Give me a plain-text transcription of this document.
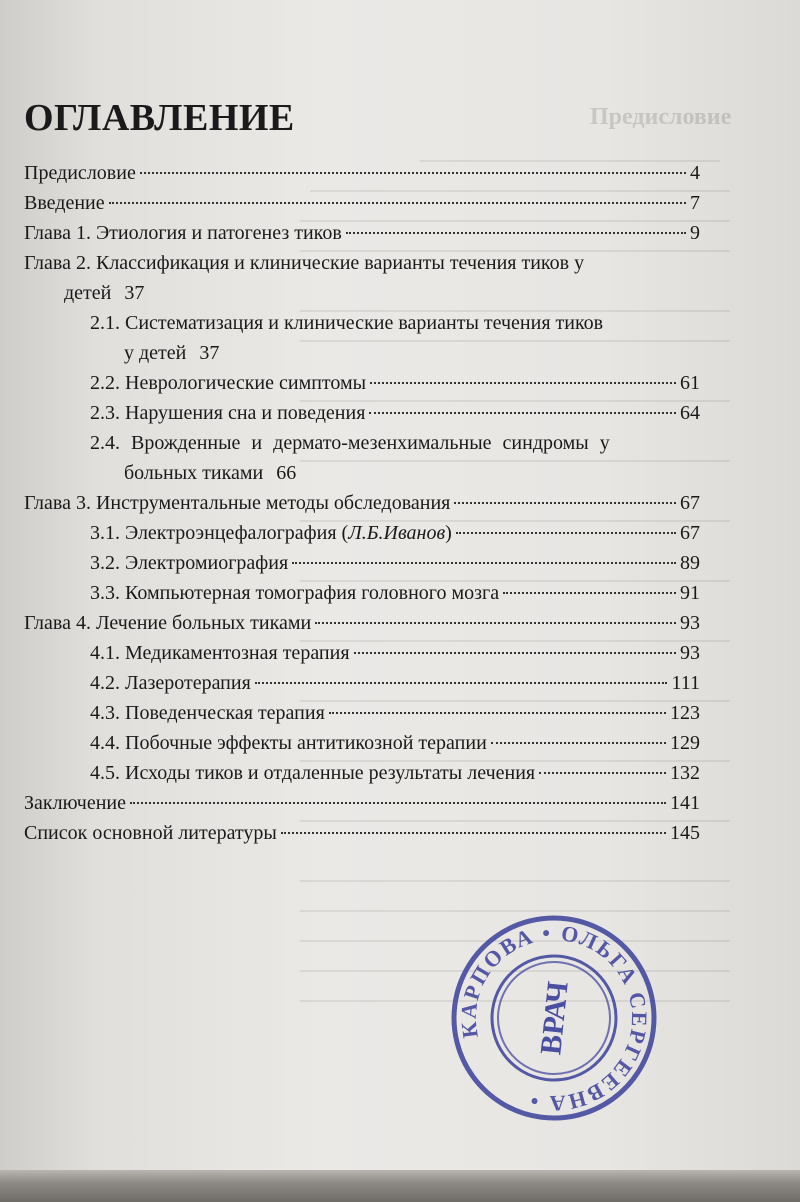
Предисловие
ОГЛАВЛЕНИЕ
Предисловие	4
Введение	7
Глава 1. Этиология и патогенез тиков	9
Глава 2. Классификация и клинические варианты течения тиков у
детей 37
2.1. Систематизация и клинические варианты течения тиков
у детей 37
2.2. Неврологические симптомы	61
2.3. Нарушения сна и поведения	64
2.4. Врожденные и дермато-мезенхимальные синдромы у
больных тиками 66
Глава 3. Инструментальные методы обследования	67
3.1. Электроэнцефалография (Л.Б.Иванов)	67
3.2. Электромиография	89
3.3. Компьютерная томография головного мозга	91
Глава 4. Лечение больных тиками	93
4.1. Медикаментозная терапия	93
4.2. Лазеротерапия	111
4.3. Поведенческая терапия	123
4.4. Побочные эффекты антитикозной терапии	129
4.5. Исходы тиков и отдаленные результаты лечения	132
Заключение	141
Список основной литературы	145
КАРПОВА • ОЛЬГА СЕРГЕЕВНА •
ВРАЧ
